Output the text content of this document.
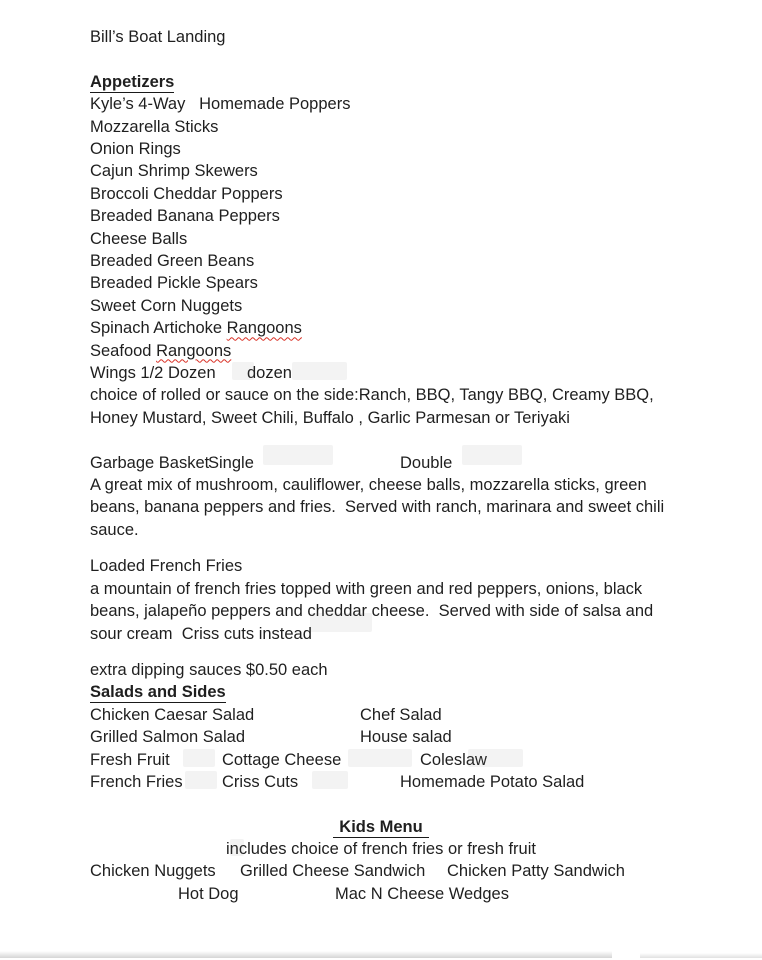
Bill’s Boat Landing
Appetizers
Kyle’s 4-Way   Homemade Poppers
Mozzarella Sticks
Onion Rings
Cajun Shrimp Skewers
Broccoli Cheddar Poppers
Breaded Banana Peppers
Cheese Balls
Breaded Green Beans
Breaded Pickle Spears
Sweet Corn Nuggets
Spinach Artichoke Rangoons
Seafood Rangoons
Wings 1/2 Dozen dozen
choice of rolled or sauce on the side:Ranch, BBQ, Tangy BBQ, Creamy BBQ,
Honey Mustard, Sweet Chili, Buffalo , Garlic Parmesan or Teriyaki
Garbage Basket
Single	Double
A great mix of mushroom, cauliflower, cheese balls, mozzarella sticks, green
beans, banana peppers and fries.  Served with ranch, marinara and sweet chili
sauce.
Loaded French Fries
a mountain of french fries topped with green and red peppers, onions, black
beans, jalapeño peppers and cheddar cheese.  Served with side of salsa and
sour cream  Criss cuts instead
extra dipping sauces $0.50 each
Salads and Sides
Chicken Caesar Salad	Chef Salad
Grilled Salmon Salad	House salad
Fresh Fruit	Cottage Cheese	Coleslaw
French Fries Criss Cuts	Homemade Potato Salad
Kids Menu
includes choice of french fries or fresh fruit
Chicken Nuggets Grilled Cheese Sandwich Chicken Patty Sandwich
Hot Dog	Mac N Cheese Wedges
